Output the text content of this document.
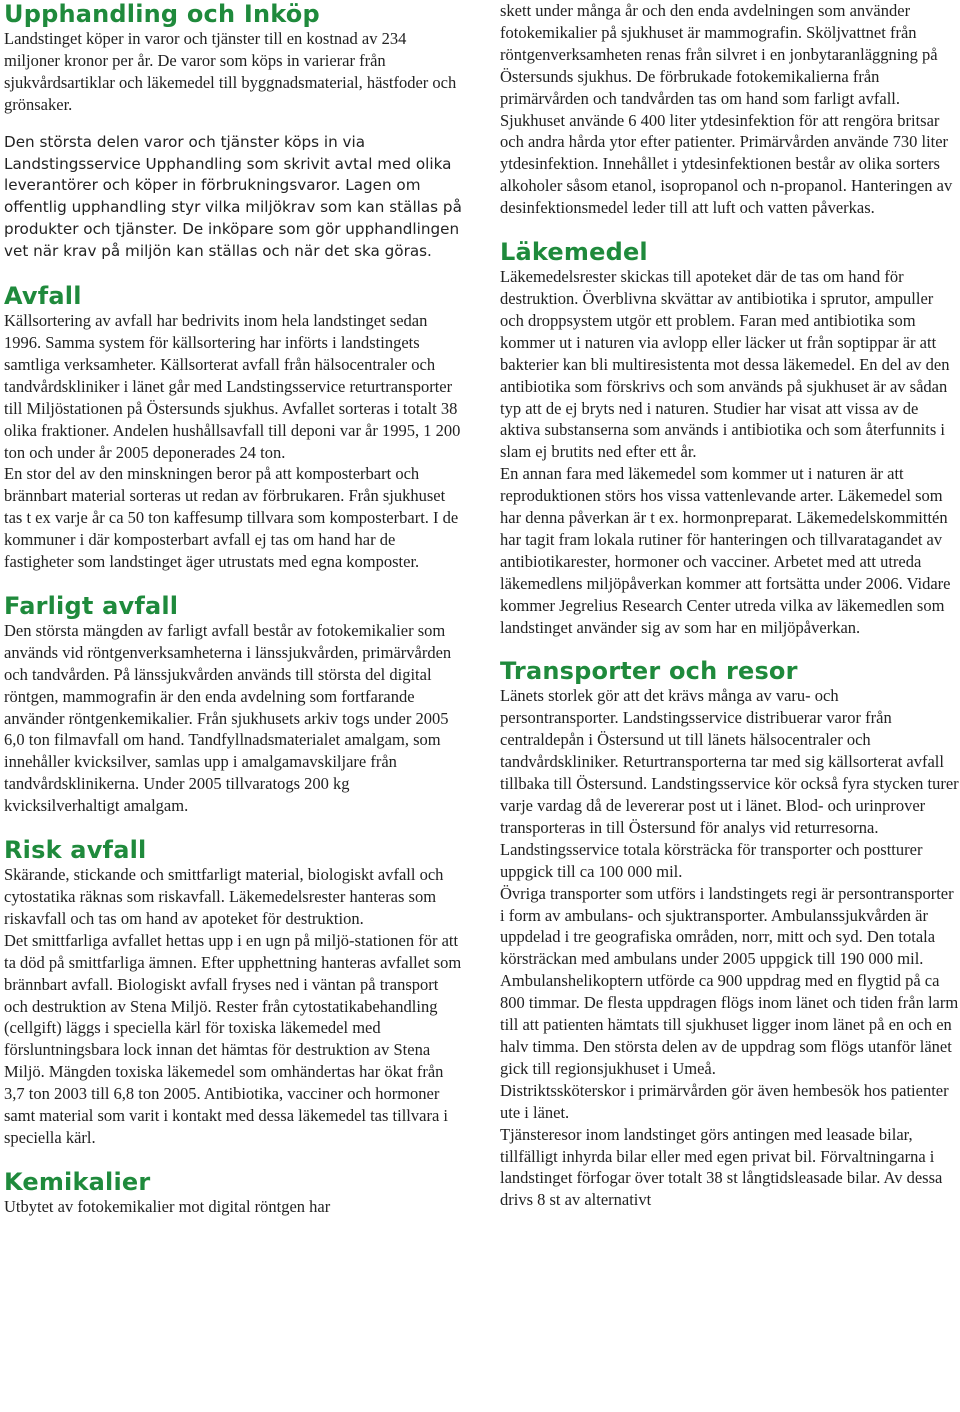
Upphandling och Inköp

Landstinget köper in varor och tjänster till en kostnad av 234 miljoner kronor per år. De varor som köps in varierar från sjukvårdsartiklar och läkemedel till byggnadsmaterial, hästfoder och grönsaker.

Den största delen varor och tjänster köps in via Landstingsservice Upphandling som skrivit avtal med olika leverantörer och köper in förbrukningsvaror. Lagen om offentlig upphandling styr vilka miljökrav som kan ställas på produkter och tjänster. De inköpare som gör upphandlingen vet när krav på miljön kan ställas och när det ska göras.

Avfall

Källsortering av avfall har bedrivits inom hela landstinget sedan 1996. Samma system för källsortering har införts i landstingets samtliga verksamheter. Källsorterat avfall från hälsocentraler och tandvårdskliniker i länet går med Landstingsservice returtransporter till Miljöstationen på Östersunds sjukhus. Avfallet sorteras i totalt 38 olika fraktioner. Andelen hushållsavfall till deponi var år 1995, 1 200 ton och under år 2005 deponerades 24 ton.

En stor del av den minskningen beror på att komposterbart och brännbart material sorteras ut redan av förbrukaren. Från sjukhuset tas t ex varje år ca 50 ton kaffesump tillvara som komposterbart. I de kommuner i där komposterbart avfall ej tas om hand har de fastigheter som landstinget äger utrustats med egna komposter.

Farligt avfall

Den största mängden av farligt avfall består av fotokemikalier som används vid röntgenverksamheterna i länssjukvården, primärvården och tandvården. På länssjukvården används till största del digital röntgen, mammografin är den enda avdelning som fortfarande använder röntgenkemikalier. Från sjukhusets arkiv togs under 2005 6,0 ton filmavfall om hand. Tandfyllnadsmaterialet amalgam, som innehåller kvicksilver, samlas upp i amalgamavskiljare från tandvårdsklinikerna. Under 2005 tillvaratogs 200 kg kvicksilverhaltigt amalgam.

Risk avfall

Skärande, stickande och smittfarligt material, biologiskt avfall och cytostatika räknas som riskavfall. Läkemedelsrester hanteras som riskavfall och tas om hand av apoteket för destruktion.

Det smittfarliga avfallet hettas upp i en ugn på miljö-stationen för att ta död på smittfarliga ämnen. Efter upphettning hanteras avfallet som brännbart avfall. Biologiskt avfall fryses ned i väntan på transport och destruktion av Stena Miljö. Rester från cytostatikabehandling (cellgift) läggs i speciella kärl för toxiska läkemedel med försluntningsbara lock innan det hämtas för destruktion av Stena Miljö. Mängden toxiska läkemedel som omhändertas har ökat från 3,7 ton 2003 till 6,8 ton 2005. Antibiotika, vacciner och hormoner samt material som varit i kontakt med dessa läkemedel tas tillvara i speciella kärl.

Kemikalier

Utbytet av fotokemikalier mot digital röntgen har

skett under många år och den enda avdelningen som använder fotokemikalier på sjukhuset är mammografin. Sköljvattnet från röntgenverksamheten renas från silvret i en jonbytaranläggning på Östersunds sjukhus. De förbrukade fotokemikalierna från primärvården och tandvården tas om hand som farligt avfall.

Sjukhuset använde 6 400 liter ytdesinfektion för att rengöra britsar och andra hårda ytor efter patienter. Primärvården använde 730 liter ytdesinfektion. Innehållet i ytdesinfektionen består av olika sorters alkoholer såsom etanol, isopropanol och n-propanol. Hanteringen av desinfektionsmedel leder till att luft och vatten påverkas.

Läkemedel

Läkemedelsrester skickas till apoteket där de tas om hand för destruktion. Överblivna skvättar av antibiotika i sprutor, ampuller och droppsystem utgör ett problem. Faran med antibiotika som kommer ut i naturen via avlopp eller läcker ut från soptippar är att bakterier kan bli multiresistenta mot dessa läkemedel. En del av den antibiotika som förskrivs och som används på sjukhuset är av sådan typ att de ej bryts ned i naturen. Studier har visat att vissa av de aktiva substanserna som används i antibiotika och som återfunnits i slam ej brutits ned efter ett år.

En annan fara med läkemedel som kommer ut i naturen är att reproduktionen störs hos vissa vattenlevande arter. Läkemedel som har denna påverkan är t ex. hormonpreparat. Läkemedelskommittén har tagit fram lokala rutiner för hanteringen och tillvaratagandet av antibiotikarester, hormoner och vacciner. Arbetet med att utreda läkemedlens miljöpåverkan kommer att fortsätta under 2006. Vidare kommer Jegrelius Research Center utreda vilka av läkemedlen som landstinget använder sig av som har en miljöpåverkan.

Transporter och resor

Länets storlek gör att det krävs många av varu- och persontransporter. Landstingsservice distribuerar varor från centraldepån i Östersund ut till länets hälsocentraler och tandvårdskliniker. Returtransporterna tar med sig källsorterat avfall tillbaka till Östersund. Landstingsservice kör också fyra stycken turer varje vardag då de levererar post ut i länet. Blod- och urinprover transporteras in till Östersund för analys vid returresorna. Landstingsservice totala körsträcka för transporter och postturer uppgick till ca 100 000 mil.

Övriga transporter som utförs i landstingets regi är persontransporter i form av ambulans- och sjuktransporter. Ambulanssjukvården är uppdelad i tre geografiska områden, norr, mitt och syd. Den totala körsträckan med ambulans under 2005 uppgick till 190 000 mil. Ambulanshelikoptern utförde ca 900 uppdrag med en flygtid på ca 800 timmar. De flesta uppdragen flögs inom länet och tiden från larm till att patienten hämtats till sjukhuset ligger inom länet på en och en halv timma. Den största delen av de uppdrag som flögs utanför länet gick till regionsjukhuset i Umeå.

Distriktssköterskor i primärvården gör även hembesök hos patienter ute i länet.

Tjänsteresor inom landstinget görs antingen med leasade bilar, tillfälligt inhyrda bilar eller med egen privat bil. Förvaltningarna i landstinget förfogar över totalt 38 st långtidsleasade bilar. Av dessa drivs 8 st av alternativt
